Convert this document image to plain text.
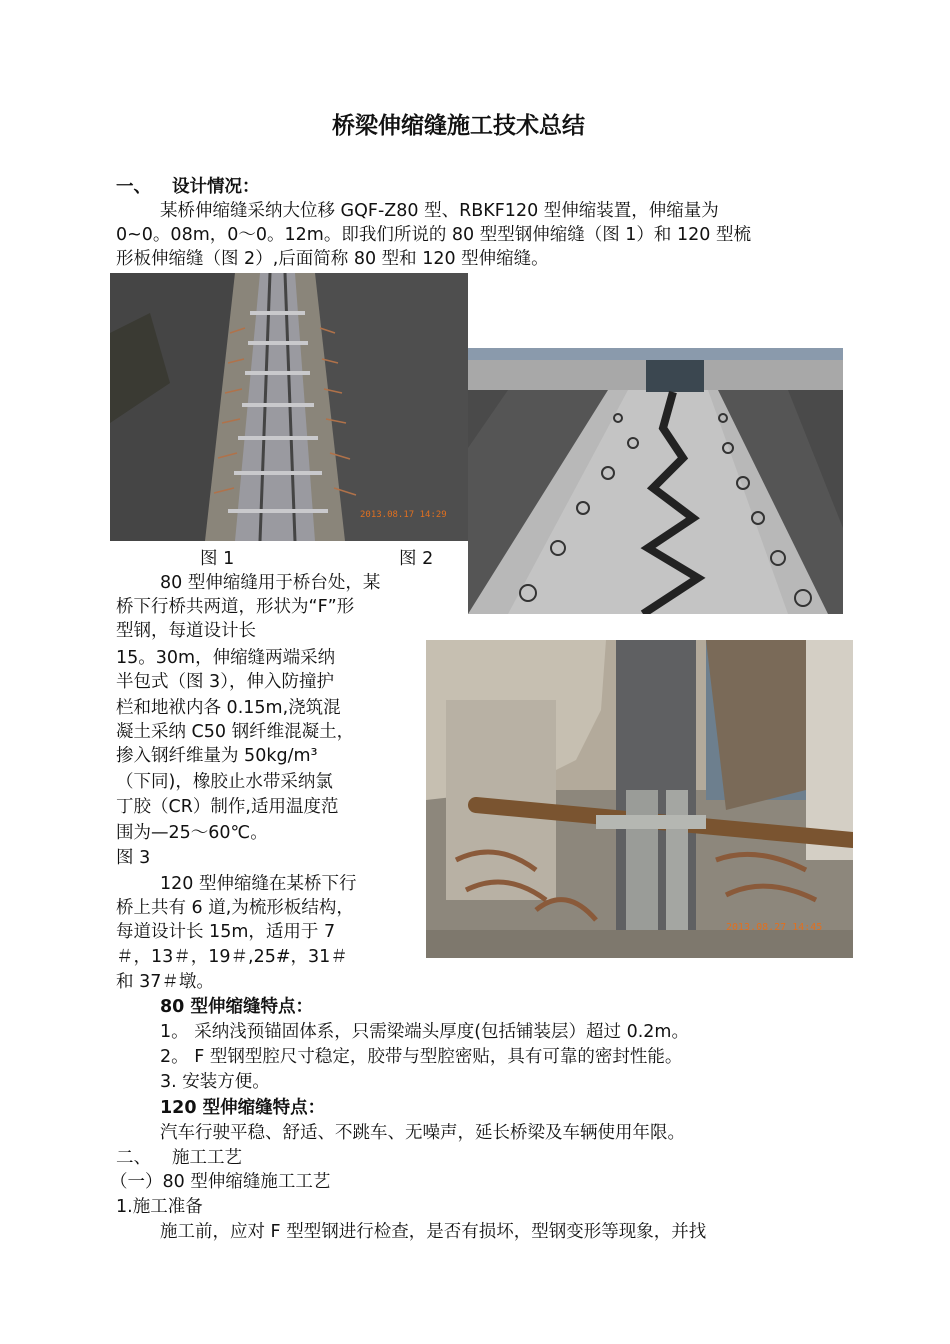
桥梁伸缩缝施工技术总结
一、 设计情况：
某桥伸缩缝采纳大位移 GQF-Z80 型、RBKF120 型伸缩装置，伸缩量为
0~0。08m，0～0。12m。即我们所说的 80 型型钢伸缩缝（图 1）和 120 型梳
形板伸缩缝（图 2）,后面简称 80 型和 120 型伸缩缝。
2013.08.17 14:29
图 1	图 2
80 型伸缩缝用于桥台处，某
桥下行桥共两道，形状为“F”形
型钢，每道设计长
15。30m，伸缩缝两端采纳
半包式（图 3），伸入防撞护
栏和地袱内各 0.15m,浇筑混
凝土采纳 C50 钢纤维混凝土，
掺入钢纤维量为 50kg/m³
（下同)，橡胶止水带采纳氯
丁胶（CR）制作,适用温度范
围为—25～60℃。
图 3
2013.08.27 14:45
120 型伸缩缝在某桥下行
桥上共有 6 道,为梳形板结构，
每道设计长 15m，适用于 7
＃，13＃，19＃,25#，31＃
和 37＃墩。
80 型伸缩缝特点：
1。 采纳浅预锚固体系，只需梁端头厚度(包括铺装层）超过 0.2m。
2。 F 型钢型腔尺寸稳定，胶带与型腔密贴，具有可靠的密封性能。
3. 安装方便。
120 型伸缩缝特点：
汽车行驶平稳、舒适、不跳车、无噪声，延长桥梁及车辆使用年限。
二、 施工工艺
（一）80 型伸缩缝施工工艺
1.施工准备
施工前，应对 F 型型钢进行检查，是否有损坏，型钢变形等现象，并找
